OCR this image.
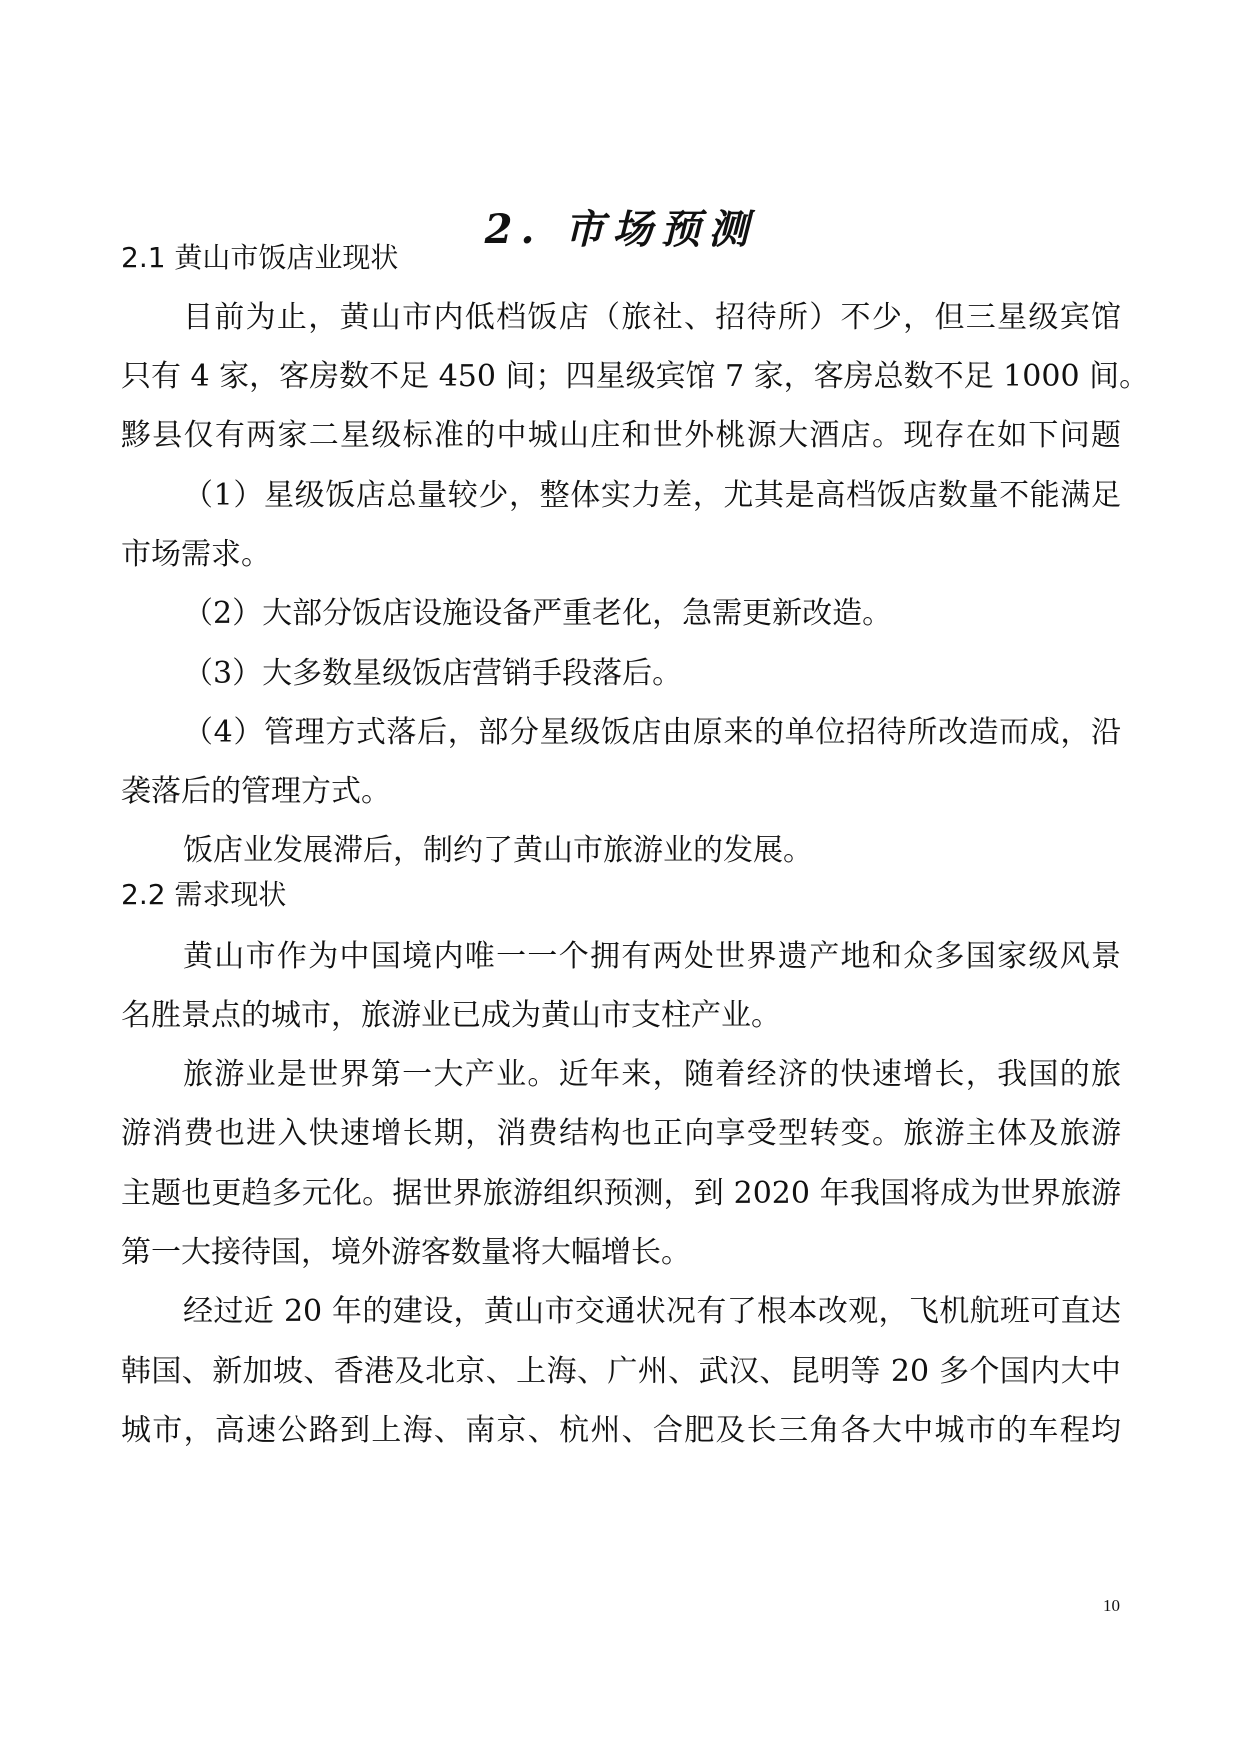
2. 市场预测
2.1 黄山市饭店业现状
目前为止，黄山市内低档饭店（旅社、招待所）不少，但三星级宾馆
只有 4 家，客房数不足 450 间；四星级宾馆 7 家，客房总数不足 1000 间。
黟县仅有两家二星级标准的中城山庄和世外桃源大酒店。现存在如下问题
（1）星级饭店总量较少，整体实力差，尤其是高档饭店数量不能满足
市场需求。
（2）大部分饭店设施设备严重老化，急需更新改造。
（3）大多数星级饭店营销手段落后。
（4）管理方式落后，部分星级饭店由原来的单位招待所改造而成，沿
袭落后的管理方式。
饭店业发展滞后，制约了黄山市旅游业的发展。
2.2 需求现状
黄山市作为中国境内唯一一个拥有两处世界遗产地和众多国家级风景
名胜景点的城市，旅游业已成为黄山市支柱产业。
旅游业是世界第一大产业。近年来，随着经济的快速增长，我国的旅
游消费也进入快速增长期，消费结构也正向享受型转变。旅游主体及旅游
主题也更趋多元化。据世界旅游组织预测，到 2020 年我国将成为世界旅游
第一大接待国，境外游客数量将大幅增长。
经过近 20 年的建设，黄山市交通状况有了根本改观，飞机航班可直达
韩国、新加坡、香港及北京、上海、广州、武汉、昆明等 20 多个国内大中
城市，高速公路到上海、南京、杭州、合肥及长三角各大中城市的车程均
10
